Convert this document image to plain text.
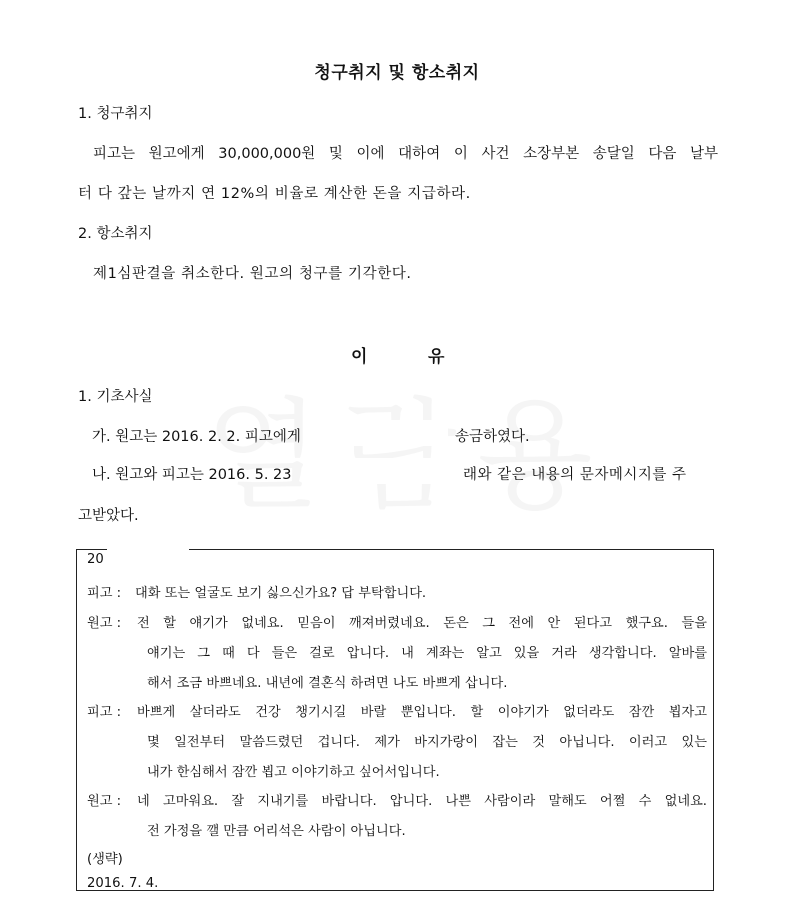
청구취지 및 항소취지
1. 청구취지
피고는 원고에게 30,000,000원 및 이에 대하여 이 사건 소장부본 송달일 다음 날부
터 다 갚는 날까지 연 12%의 비율로 계산한 돈을 지급하라.
2. 항소취지
제1심판결을 취소한다. 원고의 청구를 기각한다.
이	유
1. 기초사실
가. 원고는 2016. 2. 2. 피고에게	송금하였다.
나. 원고와 피고는 2016. 5. 23	래와 같은 내용의 문자메시지를 주
고받았다.
20
피고 : 대화 또는 얼굴도 보기 싫으신가요? 답 부탁합니다.
원고 : 전 할 얘기가 없네요. 믿음이 깨져버렸네요. 돈은 그 전에 안 된다고 했구요. 들을
얘기는 그 때 다 들은 걸로 압니다. 내 계좌는 알고 있을 거라 생각합니다. 알바를
해서 조금 바쁘네요. 내년에 결혼식 하려면 나도 바쁘게 삽니다.
피고 : 바쁘게 살더라도 건강 챙기시길 바랄 뿐입니다. 할 이야기가 없더라도 잠깐 뵙자고
몇 일전부터 말씀드렸던 겁니다. 제가 바지가랑이 잡는 것 아닙니다. 이러고 있는
내가 한심해서 잠깐 뵙고 이야기하고 싶어서입니다.
원고 : 네 고마워요. 잘 지내기를 바랍니다. 압니다. 나쁜 사람이라 말해도 어쩔 수 없네요.
전 가정을 깰 만큼 어리석은 사람이 아닙니다.
(생략)
2016. 7. 4.
